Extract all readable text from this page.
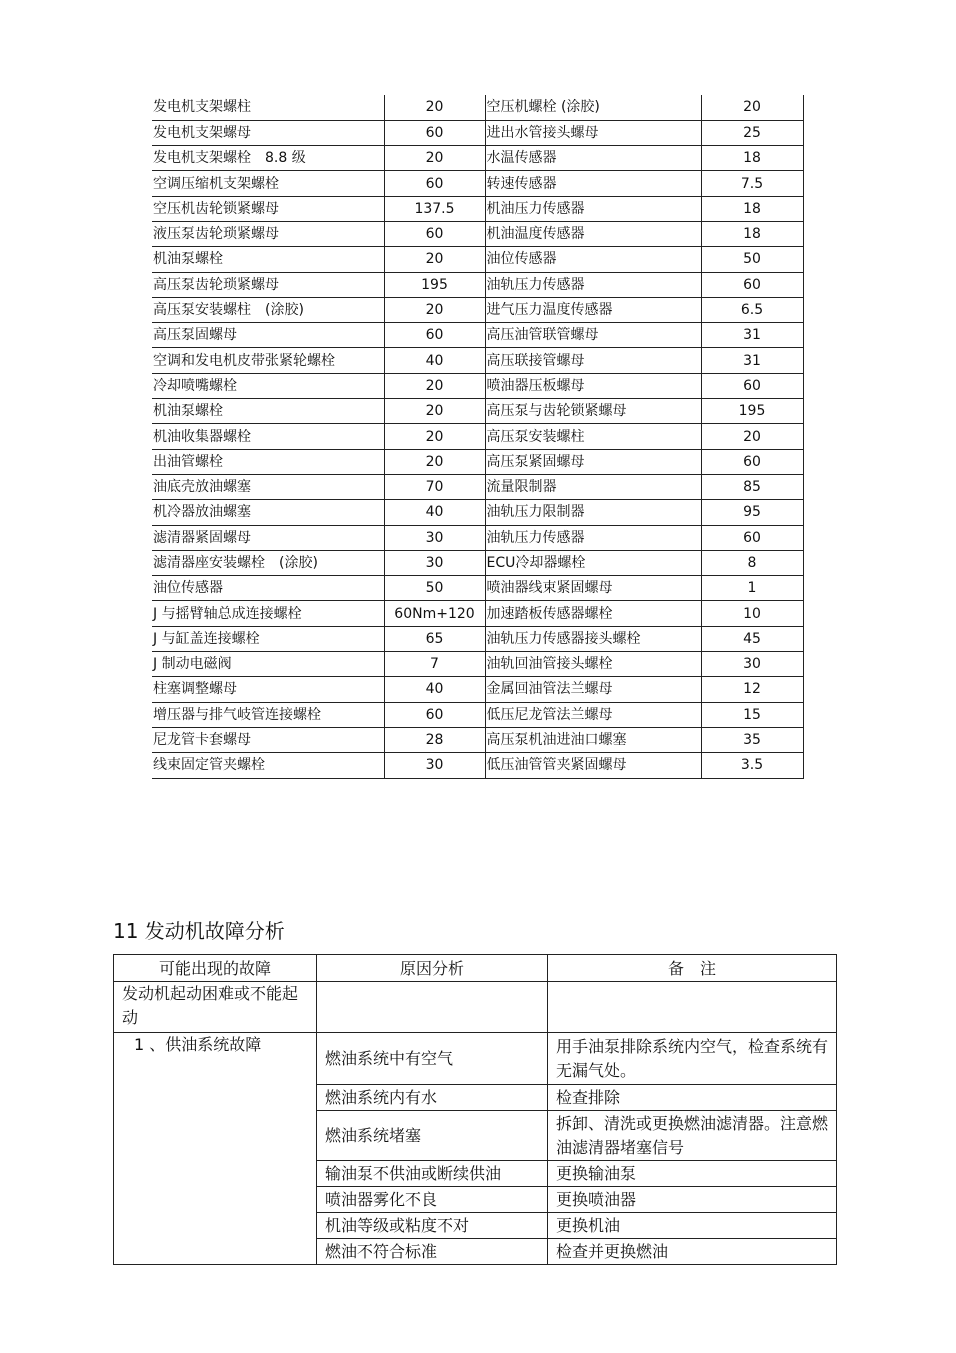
发电机支架螺柱	20	空压机螺栓 (涂胶)	20
发电机支架螺母	60	进出水管接头螺母	25
发电机支架螺栓　8.8 级	20	水温传感器	18
空调压缩机支架螺栓	60	转速传感器	7.5
空压机齿轮锁紧螺母	137.5	机油压力传感器	18
液压泵齿轮琐紧螺母	60	机油温度传感器	18
机油泵螺栓	20	油位传感器	50
高压泵齿轮琐紧螺母	195	油轨压力传感器	60
高压泵安装螺柱　(涂胶)	20	进气压力温度传感器	6.5
高压泵固螺母	60	高压油管联管螺母	31
空调和发电机皮带张紧轮螺栓	40	高压联接管螺母	31
冷却喷嘴螺栓	20	喷油器压板螺母	60
机油泵螺栓	20	高压泵与齿轮锁紧螺母	195
机油收集器螺栓	20	高压泵安装螺柱	20
出油管螺栓	20	高压泵紧固螺母	60
油底壳放油螺塞	70	流量限制器	85
机冷器放油螺塞	40	油轨压力限制器	95
滤清器紧固螺母	30	油轨压力传感器	60
滤清器座安装螺栓　(涂胶)	30	ECU冷却器螺栓	8
油位传感器	50	喷油器线束紧固螺母	1
J 与摇臂轴总成连接螺栓	60Nm+120	加速踏板传感器螺栓	10
J 与缸盖连接螺栓	65	油轨压力传感器接头螺栓	45
J 制动电磁阀	7	油轨回油管接头螺栓	30
柱塞调整螺母	40	金属回油管法兰螺母	12
增压器与排气岐管连接螺栓	60	低压尼龙管法兰螺母	15
尼龙管卡套螺母	28	高压泵机油进油口螺塞	35
线束固定管夹螺栓	30	低压油管管夹紧固螺母	3.5
11 发动机故障分析
可能出现的故障	原因分析	备　注
发动机起动困难或不能起动		
1 、供油系统故障	燃油系统中有空气	用手油泵排除系统内空气，检查系统有无漏气处。
	燃油系统内有水	检查排除
	燃油系统堵塞	拆卸、清洗或更换燃油滤清器。注意燃油滤清器堵塞信号
	输油泵不供油或断续供油	更换输油泵
	喷油器雾化不良	更换喷油器
	机油等级或粘度不对	更换机油
	燃油不符合标准	检查并更换燃油
